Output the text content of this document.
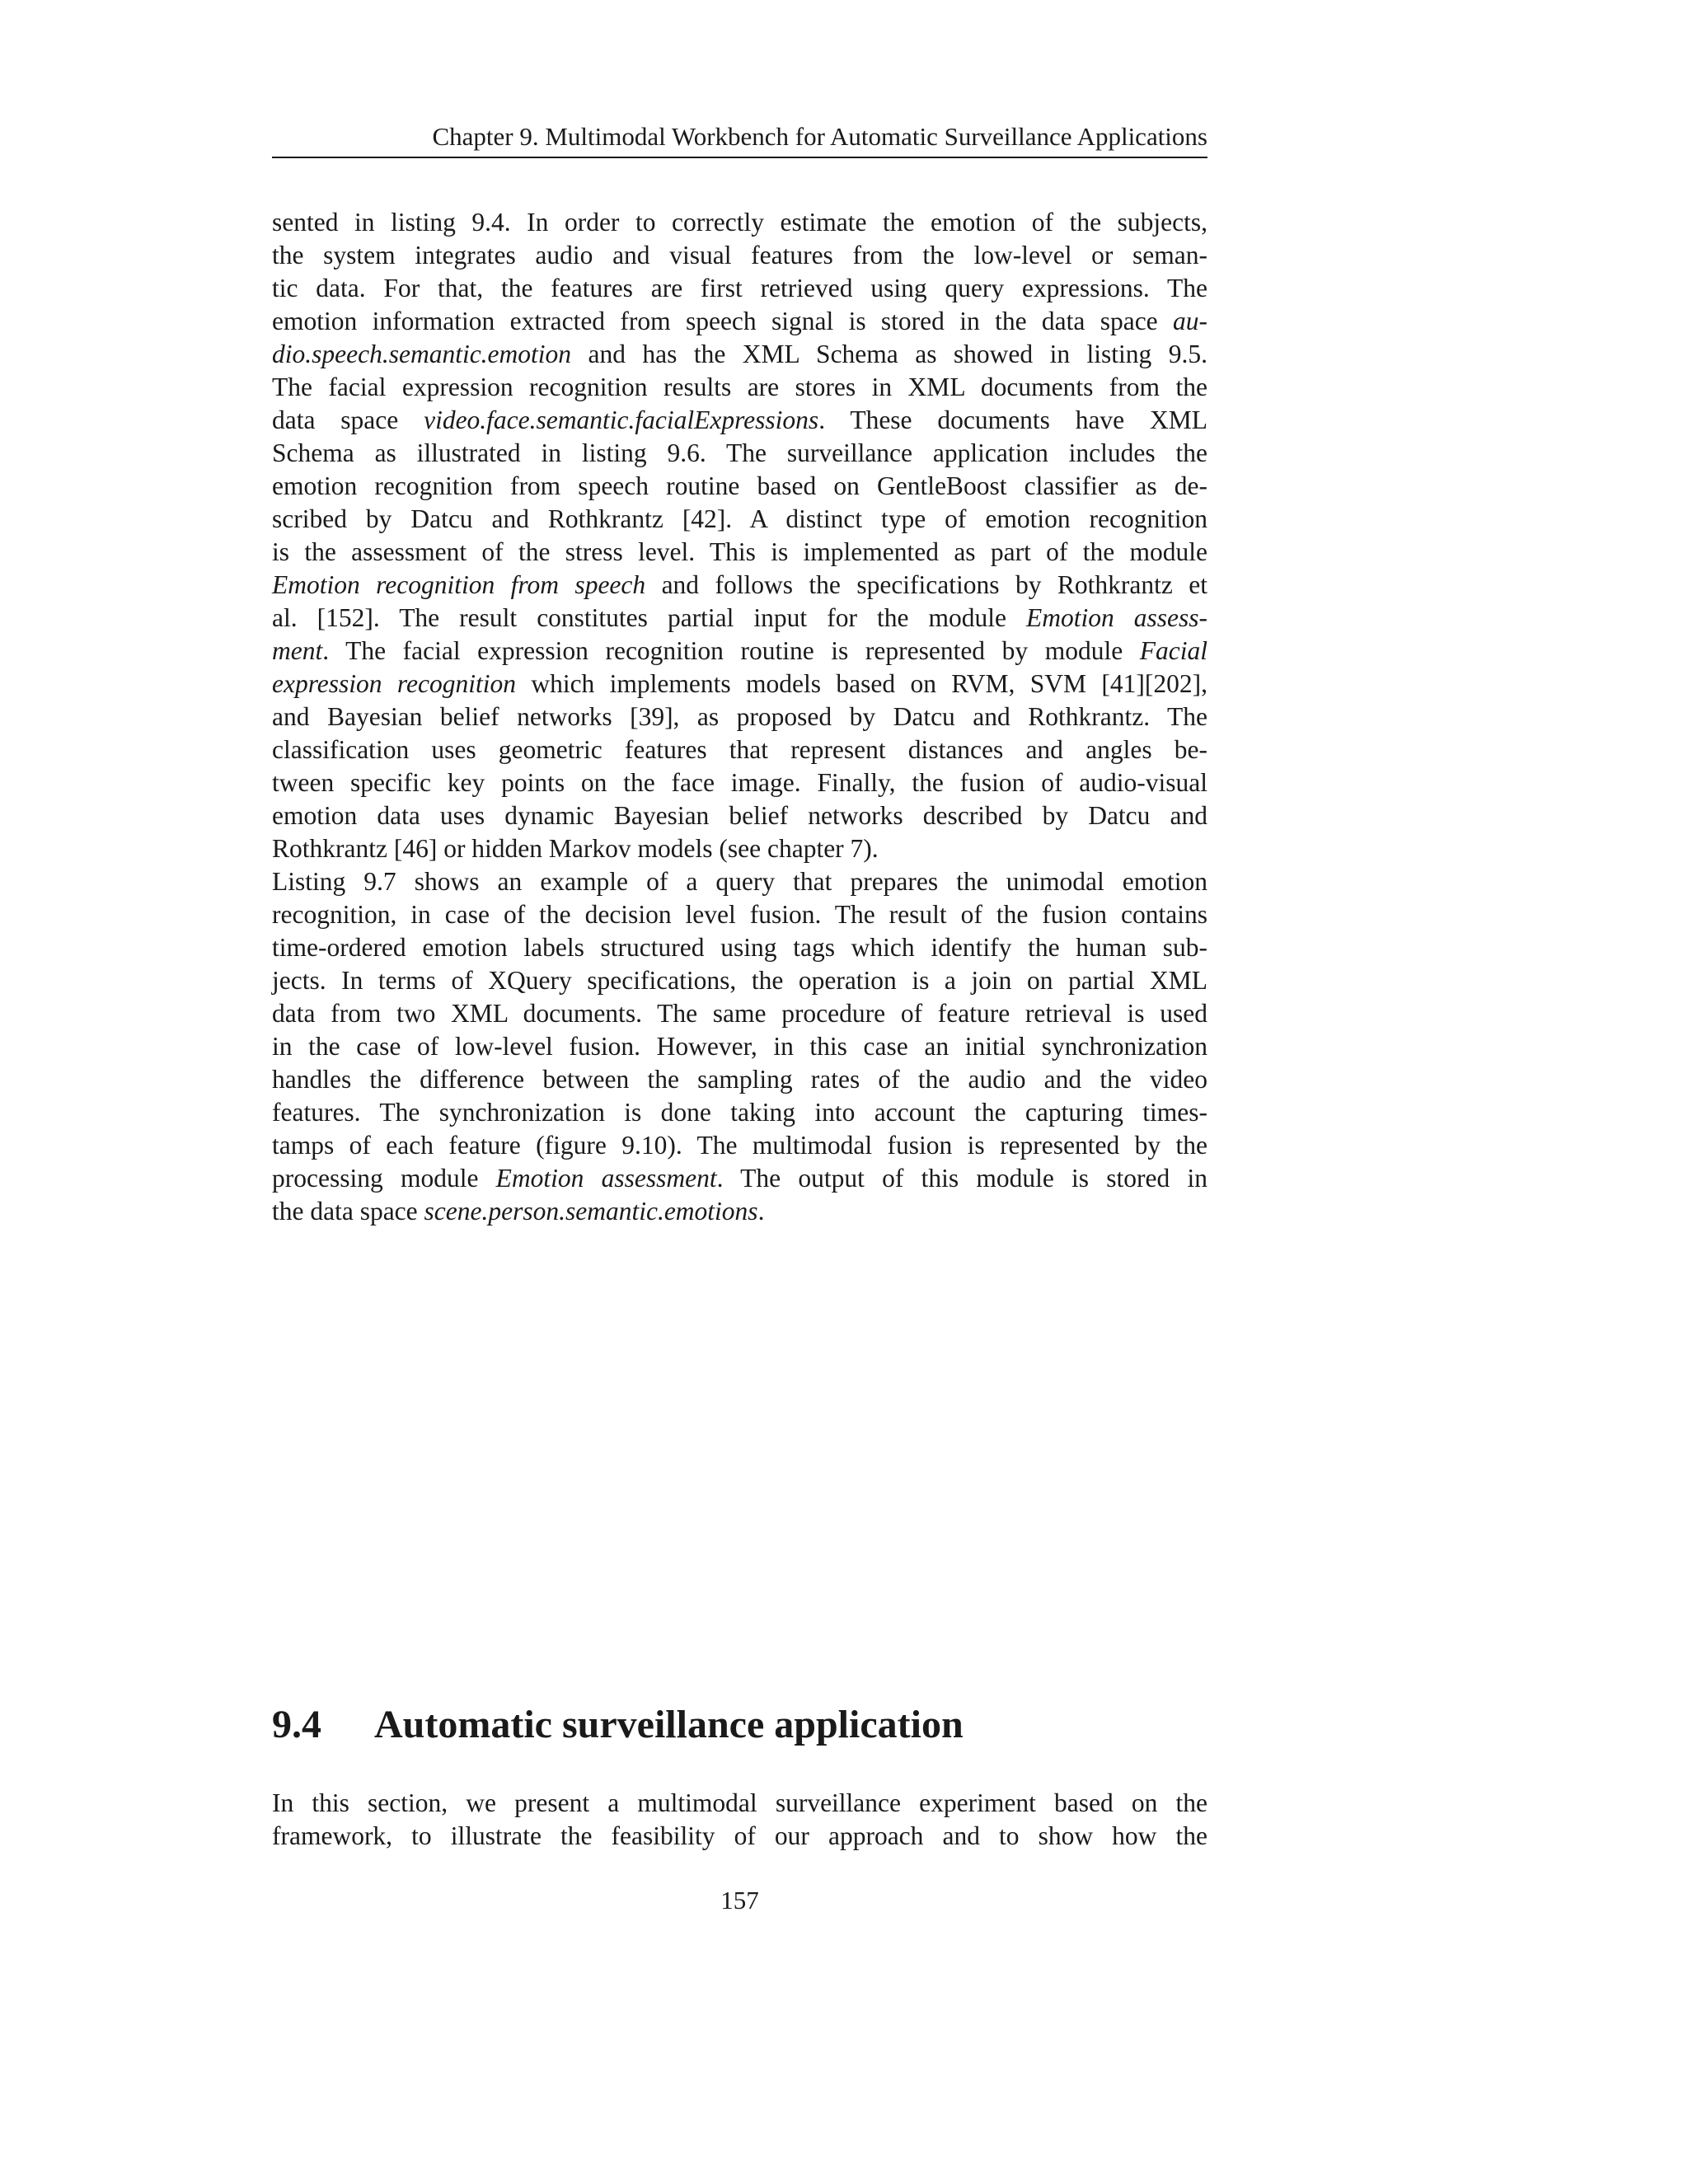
Chapter 9. Multimodal Workbench for Automatic Surveillance Applications
sented in listing 9.4. In order to correctly estimate the emotion of the subjects,
the system integrates audio and visual features from the low-level or seman-
tic data. For that, the features are first retrieved using query expressions. The
emotion information extracted from speech signal is stored in the data space au-
dio.speech.semantic.emotion and has the XML Schema as showed in listing 9.5.
The facial expression recognition results are stores in XML documents from the
data space video.face.semantic.facialExpressions. These documents have XML
Schema as illustrated in listing 9.6. The surveillance application includes the
emotion recognition from speech routine based on GentleBoost classifier as de-
scribed by Datcu and Rothkrantz [42]. A distinct type of emotion recognition
is the assessment of the stress level. This is implemented as part of the module
Emotion recognition from speech and follows the specifications by Rothkrantz et
al. [152]. The result constitutes partial input for the module Emotion assess-
ment. The facial expression recognition routine is represented by module Facial
expression recognition which implements models based on RVM, SVM [41][202],
and Bayesian belief networks [39], as proposed by Datcu and Rothkrantz. The
classification uses geometric features that represent distances and angles be-
tween specific key points on the face image. Finally, the fusion of audio-visual
emotion data uses dynamic Bayesian belief networks described by Datcu and
Rothkrantz [46] or hidden Markov models (see chapter 7).
Listing 9.7 shows an example of a query that prepares the unimodal emotion
recognition, in case of the decision level fusion. The result of the fusion contains
time-ordered emotion labels structured using tags which identify the human sub-
jects. In terms of XQuery specifications, the operation is a join on partial XML
data from two XML documents. The same procedure of feature retrieval is used
in the case of low-level fusion. However, in this case an initial synchronization
handles the difference between the sampling rates of the audio and the video
features. The synchronization is done taking into account the capturing times-
tamps of each feature (figure 9.10). The multimodal fusion is represented by the
processing module Emotion assessment. The output of this module is stored in
the data space scene.person.semantic.emotions.
9.4 Automatic surveillance application
In this section, we present a multimodal surveillance experiment based on the
framework, to illustrate the feasibility of our approach and to show how the
157
